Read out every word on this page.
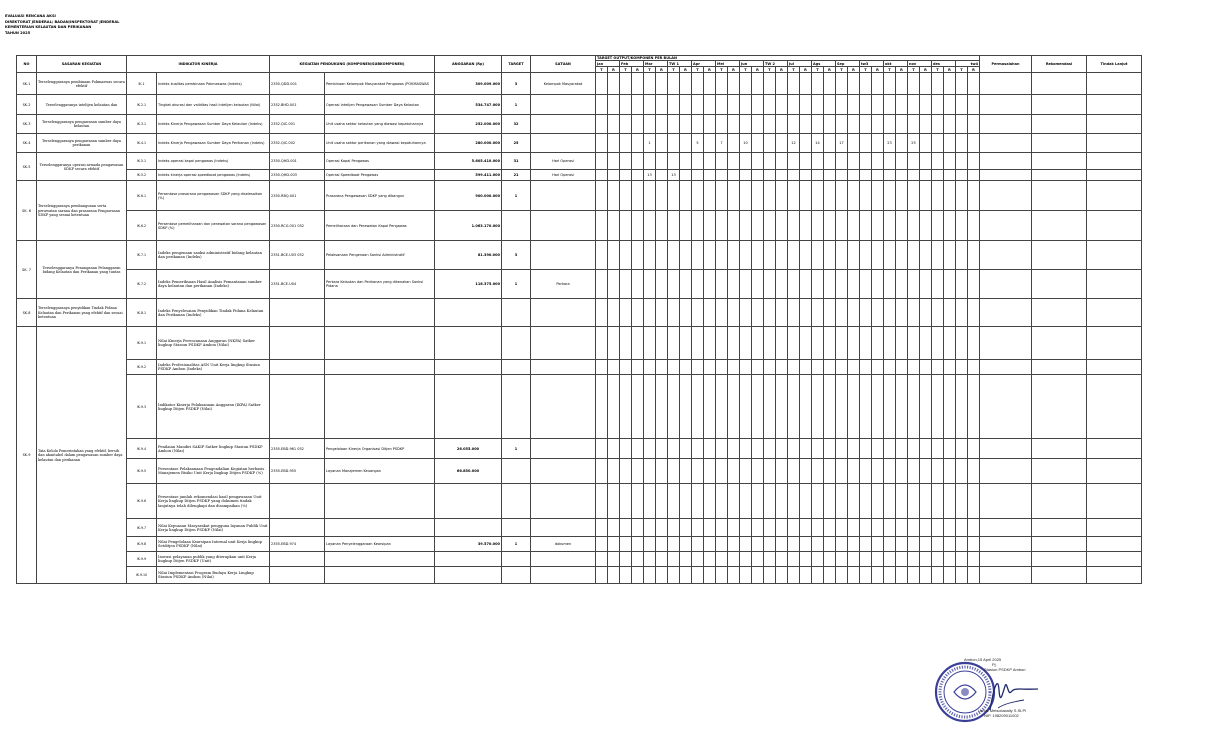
EVALUASI RENCANA AKSI
DIREKTORAT JENDERAL/ BADAN/INSPEKTORAT JENDERAL
KEMENTERIAN KELAUTAN DAN PERIKANAN
TAHUN 2025
NO	SASARAN KEGIATAN	INDIKATOR KINERJA		KEGIATAN PENDUKUNG (KOMPONEN/SUBKOMPONEN)		ANGGARAN (Rp)	TARGET	SATUAN	TARGET OUTPUT/KOMPONEN PER BULAN																																Permasalahan	Rekomendasi	Tindak Lanjut
									Jan		Feb		Mar		TW 1		Apr		Mei		Jun		TW 2		Jul		Ags		Sep		tw3		okt		nov		des		tw4				
									T	R	T	R	T	R	T	R	T	R	T	R	T	R	T	R	T	R	T	R	T	R	T	R	T	R	T	R	T	R	T	R			
SK.1	Terselenggaranya pembinaan Pokmaswas secara efektif	IK.1	Indeks kualitas pembinaan Pokmaswas (Indeks)	2350.QDD.001	Pembinaan Kelompok Masyarakat Pengawas (POKMASWAS	309.009.000	3	Kelompok Masyarakat																																			
SK.2	Terselenggaranya intelijen kelautan dan	IK.2.1	Tingkat akurasi dan validitas hasil intelijen kelautan (Nilai)	2352.BHD.001	Operasi Intelijen Pengawasan Sumber Daya Kelautan	534.747.000	1																																				
SK.3	Terselenggaranya pengawasan sumber daya kelautan	IK.3.1	Indeks Kinerja Pengawasan Sumber Daya Kelautan (Indeks)	2352.QIC.001	Unit usaha sektor kelautan yang diawasi kepatuhannya	252.000.000	32																																				
SK.4	Terselenggaranya pengawasan sumber daya perikanan	IK.4.1	Indeks Kinerja Pengawasan Sumber Daya Perikanan (Indeks)	2352.QIC.002	Unit usaha sektor perikanan yang diawasi kepatuhannya	280.000.000	25						1				5		7		10				12		14		17				23		25								
SK.5	Terselenggaranya operasi armada pengawasan SDKP secara efektif	IK.5.1	Indeks operasi kapal pengawas (Indeks)	2350.QHD.001	Operasi Kapal Pengawas	5.605.410.000	31	Hari Operasi																																			
		IK.5.2	Indeks kinerja operasi speedboat pengawas (Indeks)	2350.QHD.003	Operasi Speedboat Pengawas	599.411.000	21	Hari Operasi					13		13																												
SK. 6	Terselenggaranya pembangunan serta perawatan sarana dan prasarana Pengawasan SDKP yang sesuai ketentuan	IK.6.1	Persentase prasarana pengawasan SDKP yang diselesaikan (%)	2350.RBQ.001	Prasarana Pengawasan SDKP yang dibangun	900.000.000	1																																				
		IK.6.2	Persentase pemeliharaan dan perawatan sarana pengawasan SDKP (%)	2350.RCG.001 052	Pemeliharaan dan Perawatan Kapal Pengawas	1.063.170.000																																					
SK. 7	Terselenggaranya Penanganan Pelanggaran bidang Kelautan dan Perikanan yang tuntas	IK.7.1	Indeks pengenaan sanksi administratif bidang kelautan dan perikanan (Indeks)	2351.BCE.U03 052	Pelaksanaan Pengenaan Sanksi Administratif	81.390.000	3																																				
		IK.7.2	Indeks Pemeriksaan Hasil Analisis Pemantauan sumber daya kelautan dan perikanan (Indeks)	2351.BCE.U04	Perkara Kelautan dan Perikanan yang dikenakan Sanksi Pidana	116.375.000	1	Perkara																																			
SK.8	Terselenggaranya penyidikan Tindak Pidana Kelautan dan Perikanan yang efektif dan sesuai ketentuan	IK.8.1	Indeks Penyelesaian Penyidikan Tindak Pidana Kelautan dan Perikanan (Indeks)																																								
SK.9	Tata Kelola Pemerintahan yang efektif, bersih dan akuntabel dalam pengawasan sumber daya kelautan dan perikanan	IK.9.1	Nilai Kinerja Perencanaan Anggaran (NKPA) Satker lingkup Stasiun PSDKP Ambon (Nilai)																																								
		IK.9.2	Indeks Profesionalitas ASN Unit Kerja lingkup Stasiun PSDKP Ambon (Indeks)																																								
		IK.9.3	Indikator Kinerja Pelaksanaan Anggaran (IKPA) Satker lingkup Ditjen PSDKP (Nilai)																																								
		IK.9.4	Penilaian Mandiri SAKIP Satker lingkup Stasiun PSDKP Ambon (Nilai)	2355.EBD.961 052	Pengelolaan Kinerja Organisasi Ditjen PSDKP	26.055.000	1																																				
		IK.9.5	Persentase Pelaksanaan Pengendalian Kegiatan berbasis Manajemen Risiko Unit Kerja lingkup Ditjen PSDKP (%)	2355.EBD.955	Layanan Manajemen Keuangan	66.850.000																																					
		IK.9.6	Persentase jumlah rekomendasi hasil pengawasan Unit Kerja lingkup Ditjen PSDKP yang dokumen tindak lanjutnya telah dilengkapi dan disampaikan (%)																																								
		IK.9.7	Nilai Kepuasan Masyarakat pengguna layanan Publik Unit Kerja lingkup Ditjen PSDKP (Nilai)																																								
		IK.9.8	Nilai Pengelolaan Kearsipan Internal unit Kerja lingkup Setditjen PSDKP (Nilai)	2355.EBD.974	Layanan Penyelenggaraan Kearsipan	39.570.000	1	dokumen																																			
		IK.9.9	Inovasi pelayanan publik yang diterapkan unit Kerja lingkup Ditjen PSDKP (Unit)																																								
		IK.9.10	Nilai Implementasi Program Budaya Kerja Lingkup Stasiun PSDKP Ambon (Nilai)																																								
Ambon,15 April 2025
Pj.
Stasiun PSDKP Ambon
Urnus Metsoluwaliy S.St.Pi
NIP. 198209011002
